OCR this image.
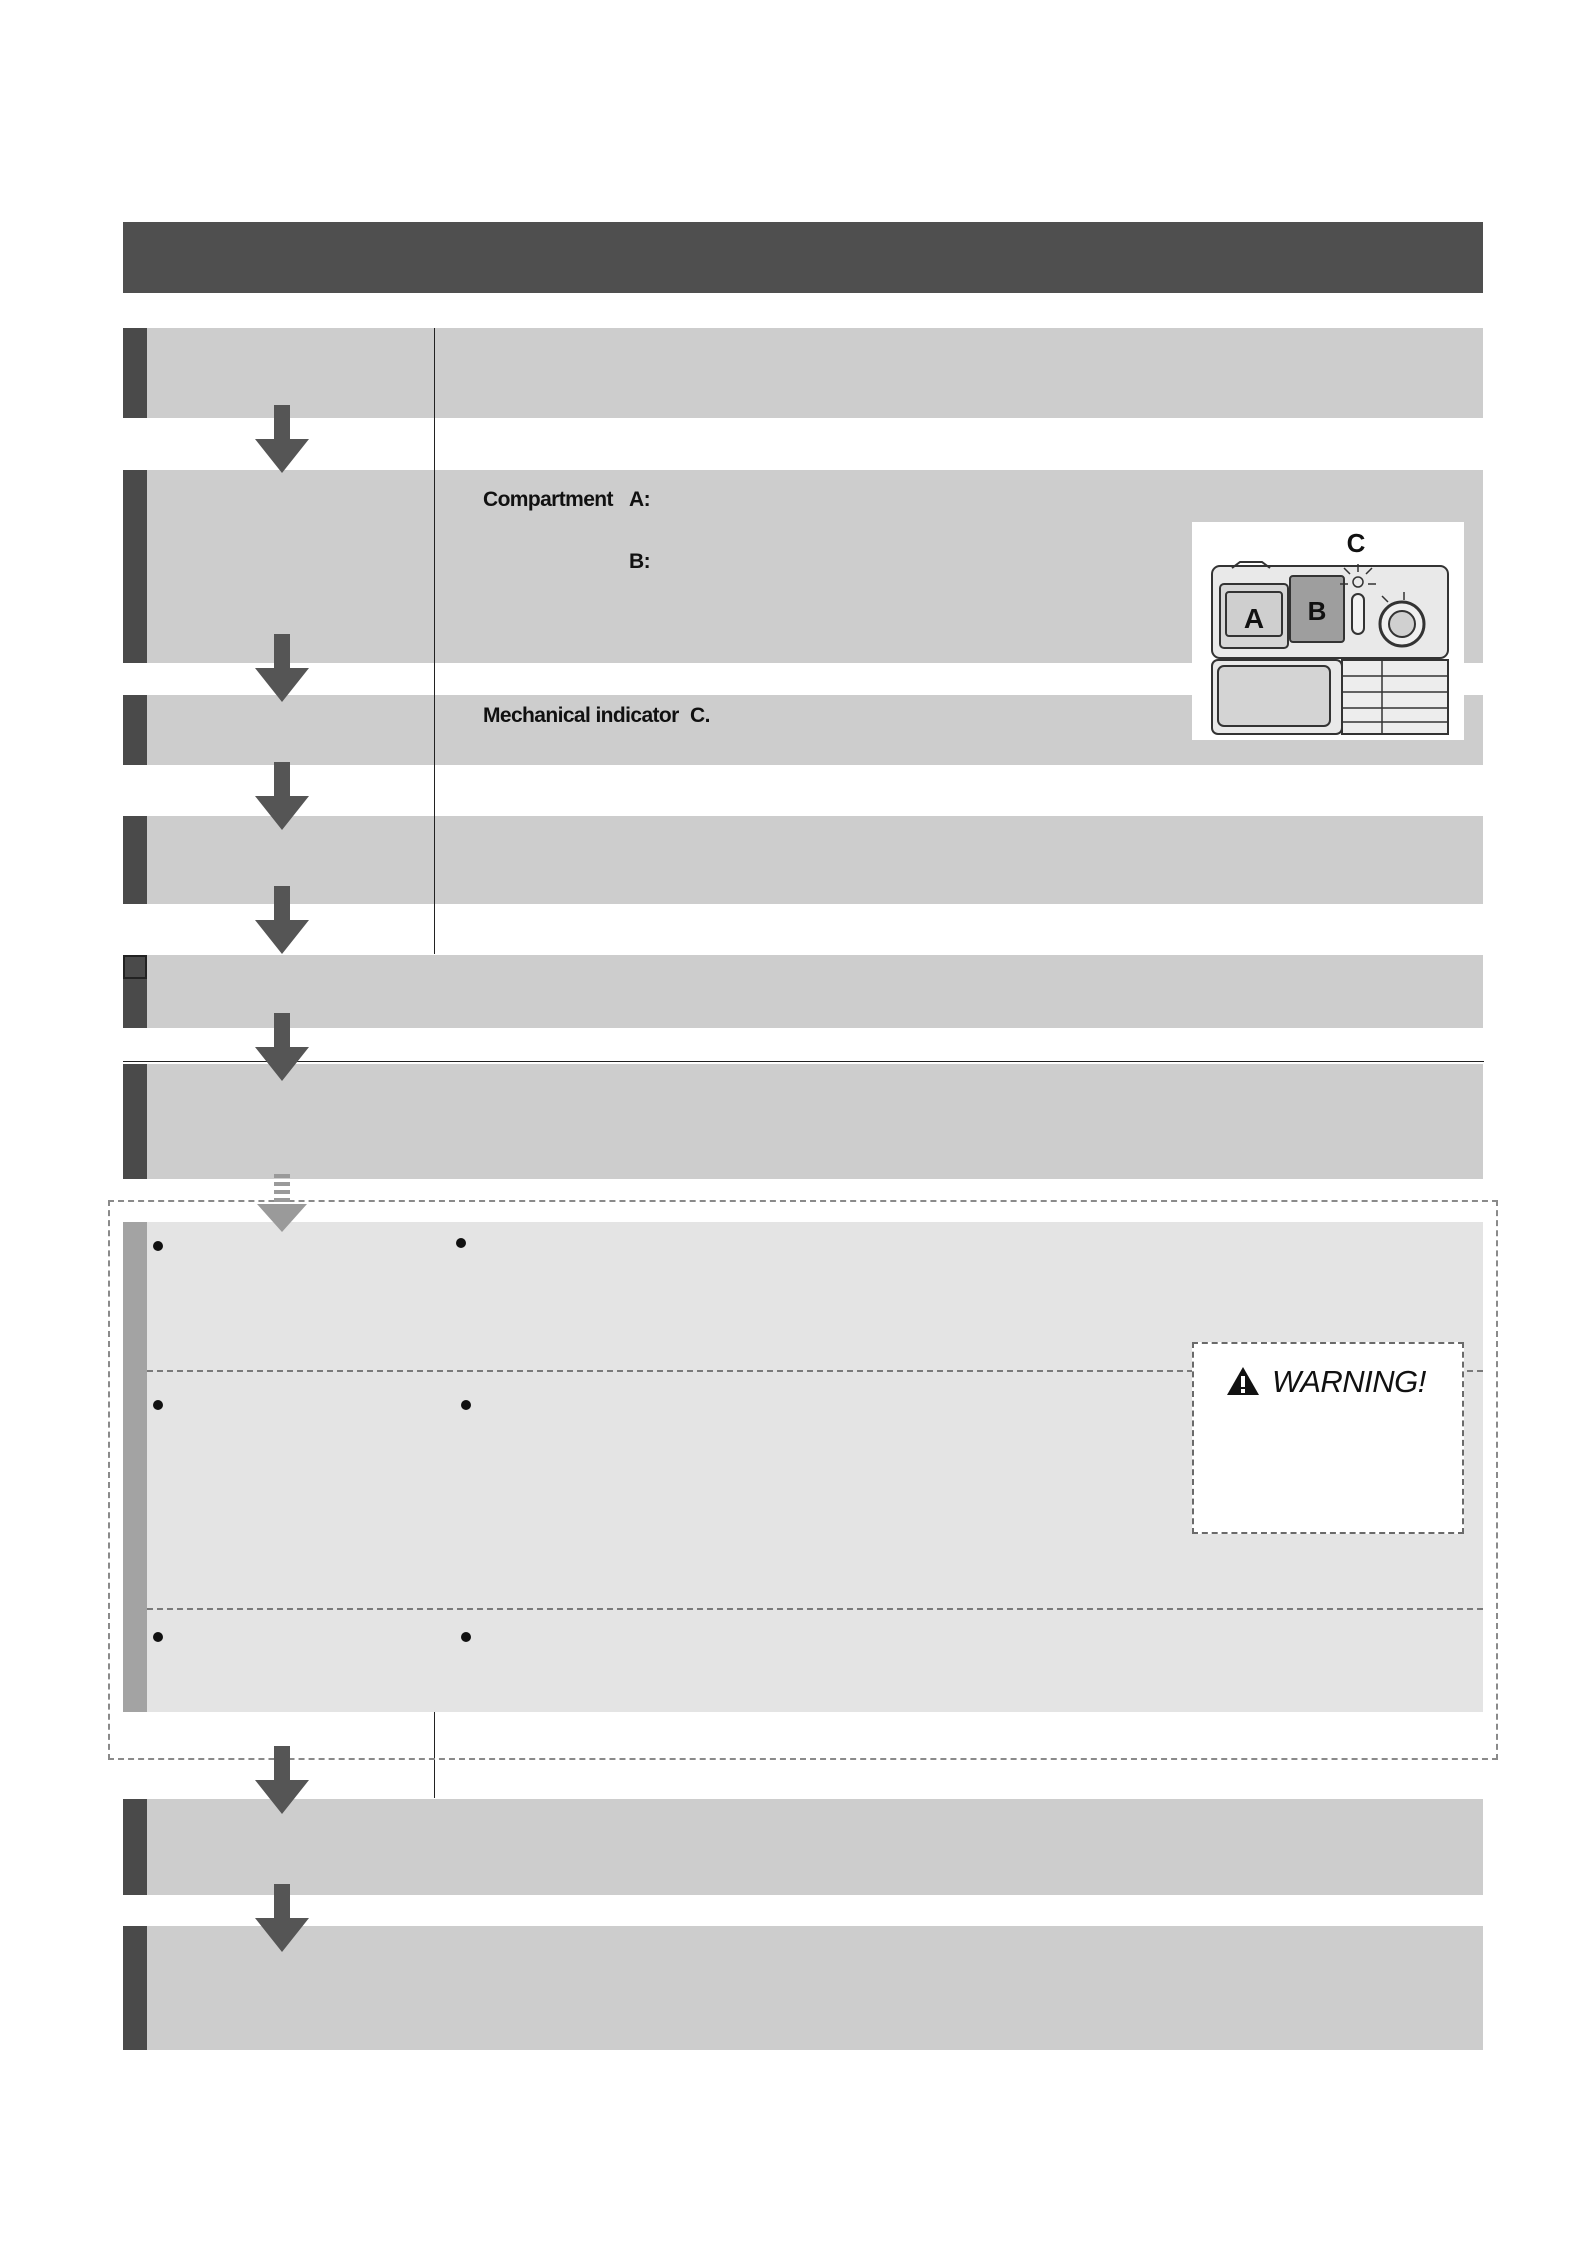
Compartment A:
B:
Mechanical indicator C.
A B
C
WARNING!
